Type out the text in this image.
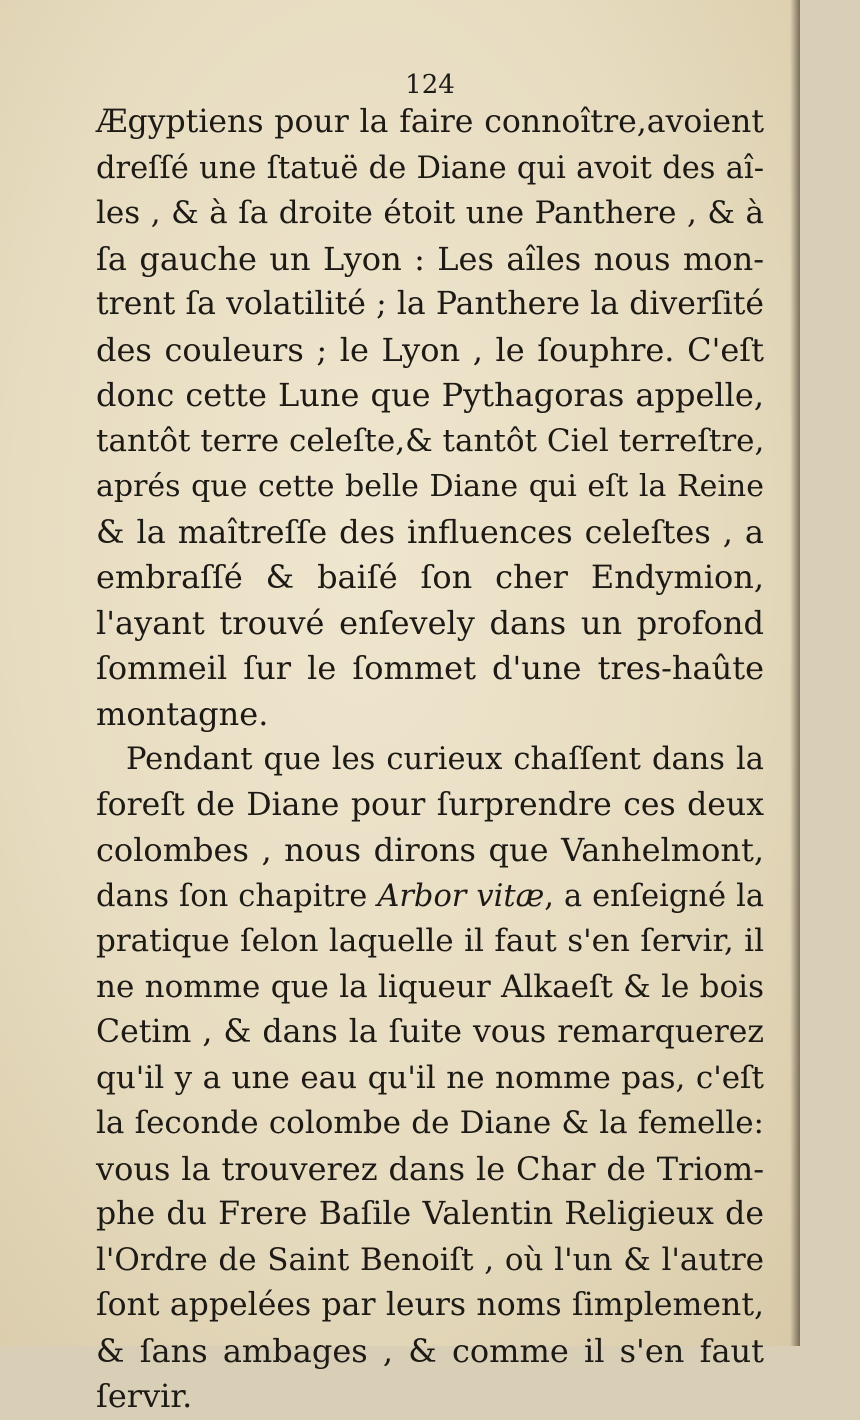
124
Ægyptiens pour la faire connoître,avoient
dreſſé une ſtatuë de Diane qui avoit des aî-
les , & à ſa droite étoit une Panthere , & à
ſa gauche un Lyon : Les aîles nous mon-
trent ſa volatilité ; la Panthere la diverſité
des couleurs ; le Lyon , le ſouphre. C'eſt
donc cette Lune que Pythagoras appelle,
tantôt terre celeſte,& tantôt Ciel terreſtre,
aprés que cette belle Diane qui eſt la Reine
& la maîtreſſe des influences celeſtes , a
embraſſé & baiſé ſon cher Endymion,
l'ayant trouvé enſevely dans un profond
ſommeil ſur le ſommet d'une tres-haûte
montagne.
Pendant que les curieux chaſſent dans la
foreſt de Diane pour ſurprendre ces deux
colombes , nous dirons que Vanhelmont,
dans ſon chapitre Arbor vitæ, a enſeigné la
pratique ſelon laquelle il faut s'en ſervir, il
ne nomme que la liqueur Alkaeſt & le bois
Cetim , & dans la ſuite vous remarquerez
qu'il y a une eau qu'il ne nomme pas, c'eſt
la ſeconde colombe de Diane & la femelle:
vous la trouverez dans le Char de Triom-
phe du Frere Baſile Valentin Religieux de
l'Ordre de Saint Benoiſt , où l'un & l'autre
ſont appelées par leurs noms ſimplement,
& ſans ambages , & comme il s'en faut
ſervir.
